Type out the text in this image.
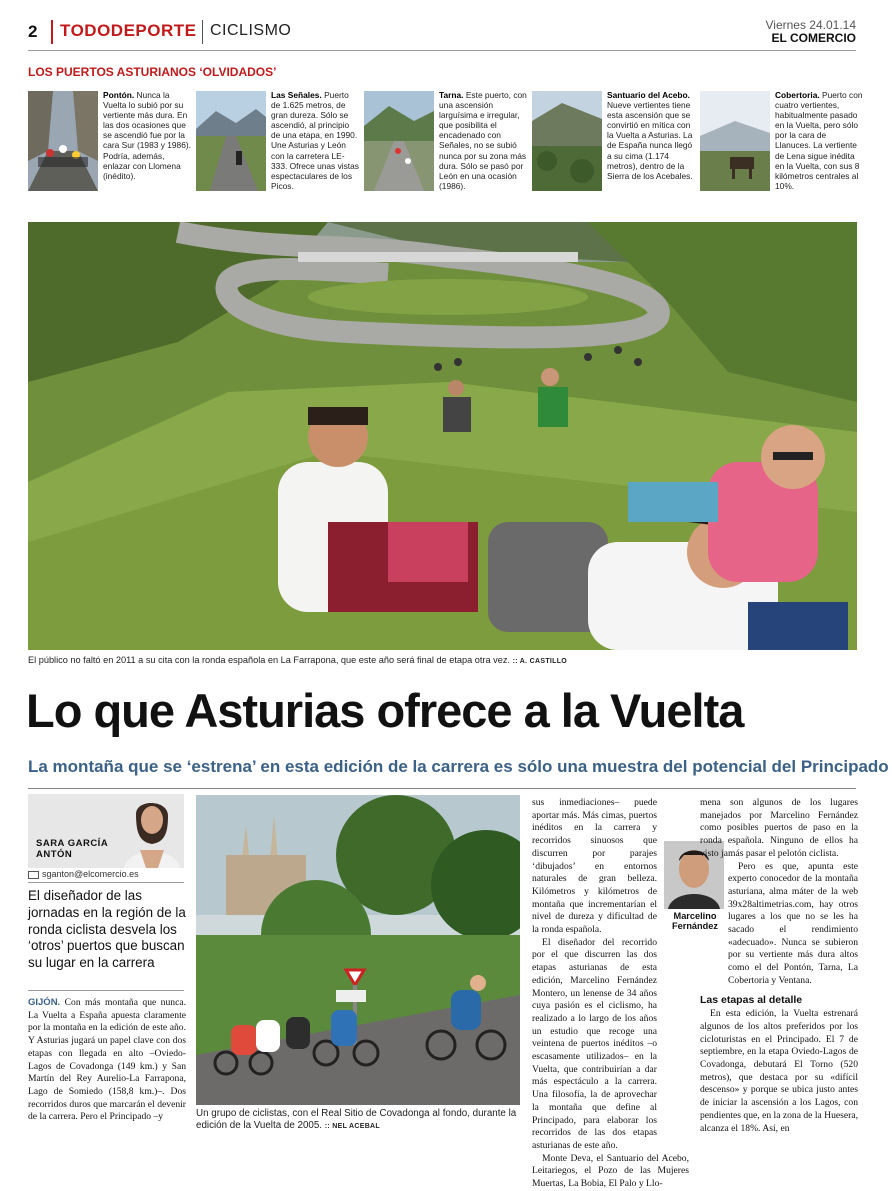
2 TODODEPORTE CICLISMO	Viernes 24.01.14
EL COMERCIO
LOS PUERTOS ASTURIANOS ‘OLVIDADOS’
Pontón. Nunca la Vuelta lo subió por su vertiente más dura. En las dos ocasiones que se ascendió fue por la cara Sur (1983 y 1986). Podría, además, enlazar con Llomena (inédito).
Las Señales. Puerto de 1.625 metros, de gran dureza. Sólo se ascendió, al principio de una etapa, en 1990. Une Asturias y León con la carretera LE-333. Ofrece unas vistas espectaculares de los Picos.
Tarna. Este puerto, con una ascensión larguísima e irregular, que posibilita el encadenado con Señales, no se subió nunca por su zona más dura. Sólo se pasó por León en una ocasión (1986).
Santuario del Acebo. Nueve vertientes tiene esta ascensión que se convirtió en mítica con la Vuelta a Asturias. La de España nunca llegó a su cima (1.174 metros), dentro de la Sierra de los Acebales.
Cobertoria. Puerto con cuatro vertientes, habitualmente pasado en la Vuelta, pero sólo por la cara de Llanuces. La vertiente de Lena sigue inédita en la Vuelta, con sus 8 kilómetros centrales al 10%.
El público no faltó en 2011 a su cita con la ronda española en La Farrapona, que este año será final de etapa otra vez. :: A. CASTILLO
Lo que Asturias ofrece a la Vuelta
La montaña que se ‘estrena’ en esta edición de la carrera es sólo una muestra del potencial del Principado
SARA GARCÍA
ANTÓN
sganton@elcomercio.es
El diseñador de las jornadas en la región de la ronda ciclista desvela los ‘otros’ puertos que buscan su lugar en la carrera
GIJÓN. Con más montaña que nunca. La Vuelta a España apuesta claramente por la montaña en la edición de este año. Y Asturias jugará un papel clave con dos etapas con llegada en alto –Oviedo-Lagos de Covadonga (149 km.) y San Martín del Rey Aurelio-La Farrapona, Lago de Somiedo (158,8 km.)–. Dos recorridos duros que marcarán el devenir de la carrera. Pero el Principado –y	Un grupo de ciclistas, con el Real Sitio de Covadonga al fondo, durante la edición de la Vuelta de 2005. :: NEL ACEBAL

sus inmediaciones– puede aportar más. Más cimas, puertos inéditos en la carrera y recorridos sinuosos que discurren por parajes ‘dibujados’ en entornos naturales de gran belleza. Kilómetros y kilómetros de montaña que incrementarían el nivel de dureza y dificultad de la ronda española.

El diseñador del recorrido por el que discurren las dos etapas asturianas de esta edición, Marcelino Fernández Montero, un lenense de 34 años cuya pasión es el ciclismo, ha realizado a lo largo de los años un estudio que recoge una veintena de puertos inéditos –o escasamente utilizados– en la Vuelta, que contribuirían a dar más espectáculo a la carrera. Una filosofía, la de aprovechar la montaña que define al Principado, para elaborar los recorridos de las dos etapas asturianas de este año.

Monte Deva, el Santuario del Acebo, Leitariegos, el Pozo de las Mujeres Muertas, La Bobia, El Palo y Llo-

Marcelino
Fernández

mena son algunos de los lugares manejados por Marcelino Fernández como posibles puertos de paso en la ronda española. Ninguno de ellos ha visto jamás pasar el pelotón ciclista.

Pero es que, apunta este experto conocedor de la montaña asturiana, alma máter de la web 39x28altimetrias.com, hay otros lugares a los que no se les ha sacado el rendimiento «adecuado». Nunca se subieron por su vertiente más dura altos como el del Pontón, Tarna, La Cobertoria y Ventana.

Las etapas al detalle

En esta edición, la Vuelta estrenará algunos de los altos preferidos por los cicloturistas en el Principado. El 7 de septiembre, en la etapa Oviedo-Lagos de Covadonga, debutará El Torno (520 metros), que destaca por su «difícil descenso» y porque se ubica justo antes de iniciar la ascensión a los Lagos, con pendientes que, en la zona de la Huesera, alcanza el 18%. Así, en
